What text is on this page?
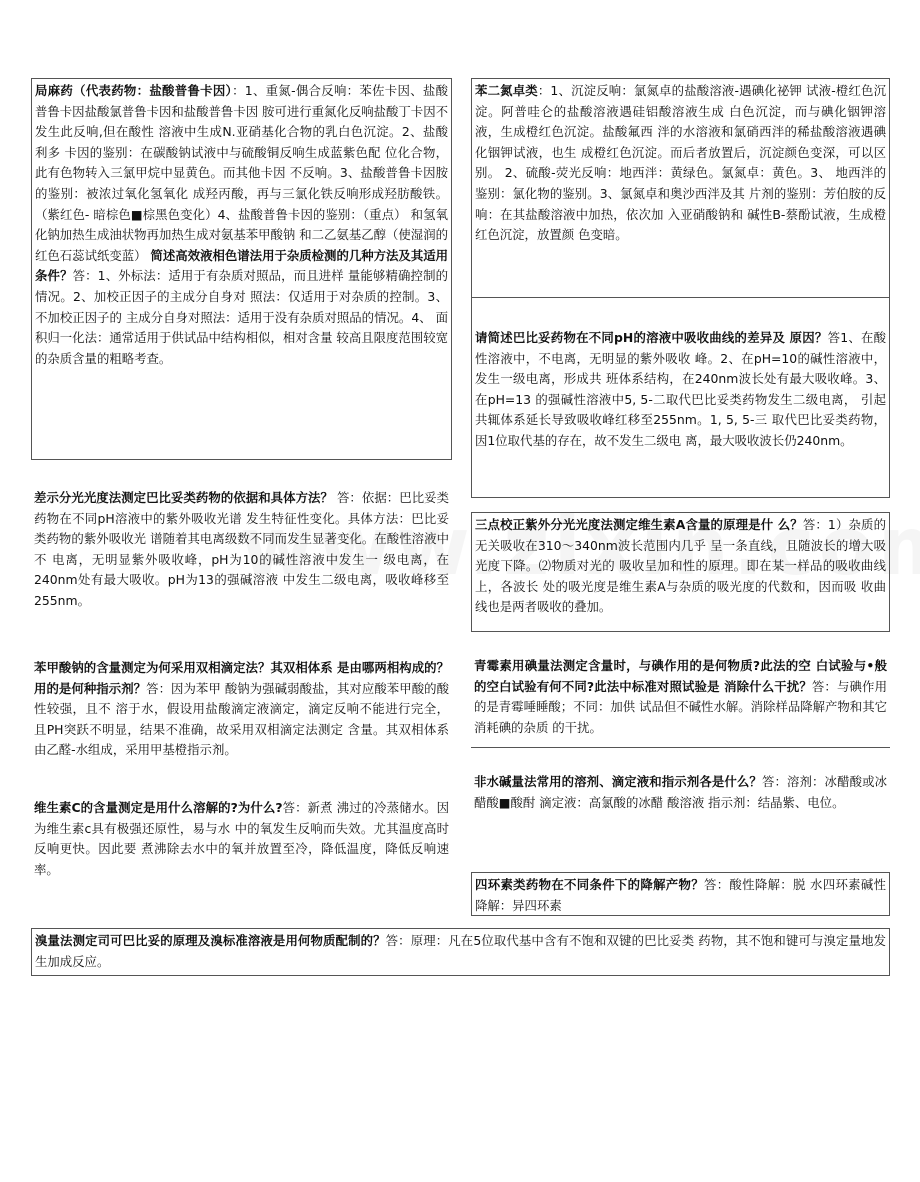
局麻药（代表药物：盐酸普鲁卡因）：1、重氮-偶合反响：苯佐卡因、盐酸普鲁卡因盐酸氯普鲁卡因和盐酸普鲁卡因 胺可进行重氮化反响盐酸丁卡因不发生此反响,但在酸性 溶液中生成N.亚硝基化合物的乳白色沉淀。2、盐酸利多 卡因的鉴别：在碳酸钠试液中与硫酸铜反响生成蓝紫色配 位化合物，此有色物转入三氯甲烷中显黄色。而其他卡因 不反响。3、盐酸普鲁卡因胺的鉴别：被浓过氧化氢氧化 成羟丙酸，再与三氯化铁反响形成羟肪酸铁。（紫红色- 暗棕色■棕黑色变化）4、盐酸普鲁卡因的鉴别：（重点） 和氢氧化钠加热生成油状物再加热生成对氨基苯甲酸钠 和二乙氨基乙醇（使湿润的红色石蕊试纸变蓝） 简述高效液相色谱法用于杂质检测的几种方法及其适用 条件？答：1、外标法：适用于有杂质对照品，而且进样 量能够精确控制的情况。2、加校正因子的主成分自身对 照法：仅适用于对杂质的控制。3、不加校正因子的 主成分自身对照法：适用于没有杂质对照品的情况。4、 面积归一化法：通常适用于供试品中结构相似，相对含量 较高且限度范围较宽的杂质含量的粗略考查。
差示分光光度法测定巴比妥类药物的依据和具体方法？ 答：依据：巴比妥类药物在不同pH溶液中的紫外吸收光谱 发生特征性变化。具体方法：巴比妥类药物的紫外吸收光 谱随着其电离级数不同而发生显著变化。在酸性溶液中不 电离，无明显紫外吸收峰，pH为10的碱性溶液中发生一 级电离，在240nm处有最大吸收。pH为13的强碱溶液 中发生二级电离，吸收峰移至255nm。
苯甲酸钠的含量测定为何采用双相滴定法？其双相体系 是由哪两相构成的？用的是何种指示剂？答：因为苯甲 酸钠为强碱弱酸盐，其对应酸苯甲酸的酸性较强，且不 溶于水，假设用盐酸滴定液滴定，滴定反响不能进行完全， 且PH突跃不明显，结果不准确，故采用双相滴定法测定 含量。其双相体系由乙醛-水组成，采用甲基橙指示剂。
维生素C的含量测定是用什么溶解的?为什么?答：新煮 沸过的冷蒸储水。因为维生素c具有极强还原性，易与水 中的氧发生反响而失效。尤其温度高时反响更快。因此要 煮沸除去水中的氧并放置至冷，降低温度，降低反响速率。
苯二氮卓类：1、沉淀反响：氯氮卓的盐酸溶液-遇碘化祕钾 试液-橙红色沉淀。阿普哇仑的盐酸溶液遇硅铝酸溶液生成 白色沉淀，而与碘化铟钾溶液，生成橙红色沉淀。盐酸氟西 泮的水溶液和氯硝西泮的稀盐酸溶液遇碘化铟钾试液，也生 成橙红色沉淀。而后者放置后，沉淀颜色变深，可以区别。 2、硫酸-荧光反响：地西泮：黄绿色。氯氮卓：黄色。3、 地西泮的鉴别：氯化物的鉴别。3、氯氮卓和奥沙西泮及其 片剂的鉴别：芳伯胺的反响：在其盐酸溶液中加热，依次加 入亚硝酸钠和 碱性B-蔡酚试液，生成橙红色沉淀，放置颜 色变暗。
请简述巴比妥药物在不同pH的溶液中吸收曲线的差异及 原因？答1、在酸性溶液中，不电离，无明显的紫外吸收 峰。2、在pH=10的碱性溶液中，发生一级电离，形成共 班体系结构，在240nm波长处有最大吸收峰。3、在pH=13 的强碱性溶液中5, 5-二取代巴比妥类药物发生二级电离， 引起共辄体系延长导致吸收峰红移至255nm。1, 5, 5-三 取代巴比妥类药物，因1位取代基的存在，故不发生二级电 离，最大吸收波长仍240nm。
三点校正紫外分光光度法测定维生素A含量的原理是什 么？答：1）杂质的无关吸收在310〜340nm波长范围内几乎 呈一条直线，且随波长的增大吸光度下降。⑵物质对光的 吸收呈加和性的原理。即在某一样品的吸收曲线上，各波长 处的吸光度是维生素A与杂质的吸光度的代数和，因而吸 收曲线也是两者吸收的叠加。
青霉素用碘量法测定含量时，与碘作用的是何物质?此法的空 白试验与•般的空白试验有何不同?此法中标准对照试验是 消除什么干扰？答：与碘作用的是青霉唾睡酸；不同：加供 试品但不碱性水解。消除样品降解产物和其它消耗碘的杂质 的干扰。
非水碱量法常用的溶剂、滴定液和指示剂各是什么？答：溶剂：冰醋酸或冰醋酸■酸酎 滴定液：高氯酸的冰醋 酸溶液 指示剂：结晶紫、电位。
四环素类药物在不同条件下的降解产物？答：酸性降解：脱 水四环素碱性降解：异四环素
溴量法测定司可巴比妥的原理及溴标准溶液是用何物质配制的？答：原理：凡在5位取代基中含有不饱和双键的巴比妥类 药物，其不饱和键可与溴定量地发生加成反应。
